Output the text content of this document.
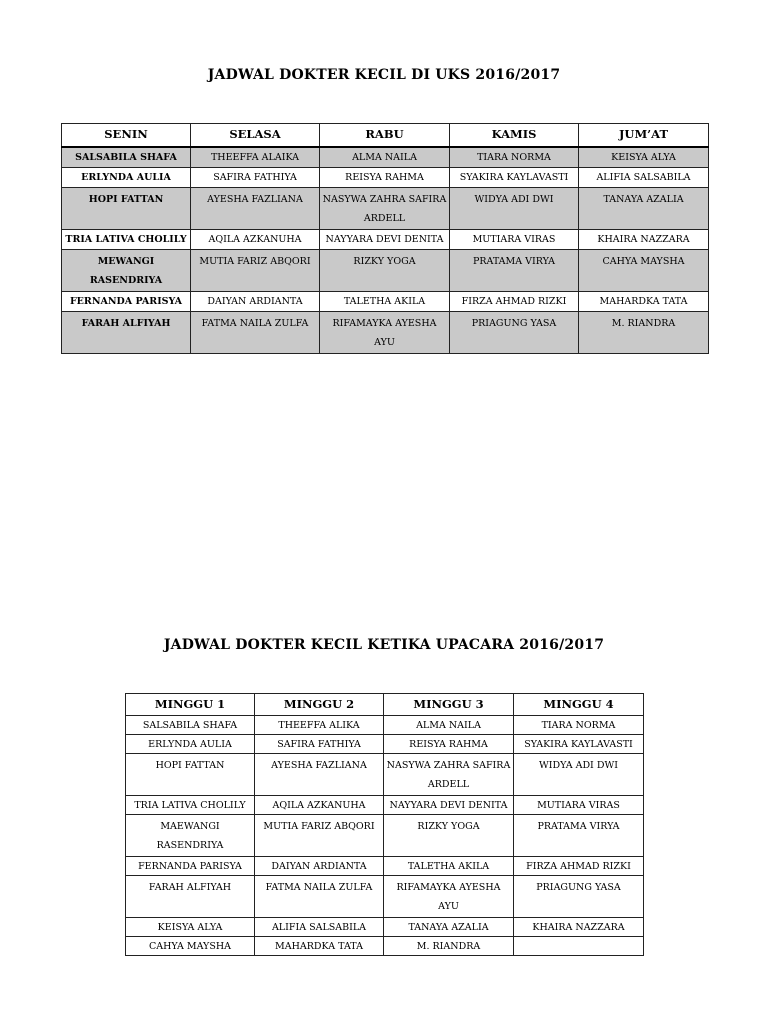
JADWAL DOKTER KECIL DI UKS 2016/2017
SENIN	SELASA	RABU	KAMIS	JUM’AT
SALSABILA SHAFA	THEEFFA ALAIKA	ALMA NAILA	TIARA NORMA	KEISYA ALYA
ERLYNDA AULIA	SAFIRA FATHIYA	REISYA RAHMA	SYAKIRA KAYLAVASTI	ALIFIA SALSABILA
HOPI FATTAN	AYESHA FAZLIANA	NASYWA ZAHRA SAFIRA ARDELL	WIDYA ADI DWI	TANAYA AZALIA
TRIA LATIVA CHOLILY	AQILA AZKANUHA	NAYYARA DEVI DENITA	MUTIARA VIRAS	KHAIRA NAZZARA
MEWANGI RASENDRIYA	MUTIA FARIZ ABQORI	RIZKY YOGA	PRATAMA VIRYA	CAHYA MAYSHA
FERNANDA PARISYA	DAIYAN ARDIANTA	TALETHA AKILA	FIRZA AHMAD RIZKI	MAHARDKA TATA
FARAH ALFIYAH	FATMA NAILA ZULFA	RIFAMAYKA AYESHA AYU	PRIAGUNG YASA	M. RIANDRA
JADWAL DOKTER KECIL KETIKA UPACARA 2016/2017
MINGGU 1	MINGGU 2	MINGGU 3	MINGGU 4
SALSABILA SHAFA	THEEFFA ALIKA	ALMA NAILA	TIARA NORMA
ERLYNDA AULIA	SAFIRA FATHIYA	REISYA RAHMA	SYAKIRA KAYLAVASTI
HOPI FATTAN	AYESHA FAZLIANA	NASYWA ZAHRA SAFIRA ARDELL	WIDYA ADI DWI
TRIA LATIVA CHOLILY	AQILA AZKANUHA	NAYYARA DEVI DENITA	MUTIARA VIRAS
MAEWANGI RASENDRIYA	MUTIA FARIZ ABQORI	RIZKY YOGA	PRATAMA VIRYA
FERNANDA PARISYA	DAIYAN ARDIANTA	TALETHA AKILA	FIRZA AHMAD RIZKI
FARAH ALFIYAH	FATMA NAILA ZULFA	RIFAMAYKA AYESHA AYU	PRIAGUNG YASA
KEISYA ALYA	ALIFIA SALSABILA	TANAYA AZALIA	KHAIRA NAZZARA
CAHYA MAYSHA	MAHARDKA TATA	M. RIANDRA	
